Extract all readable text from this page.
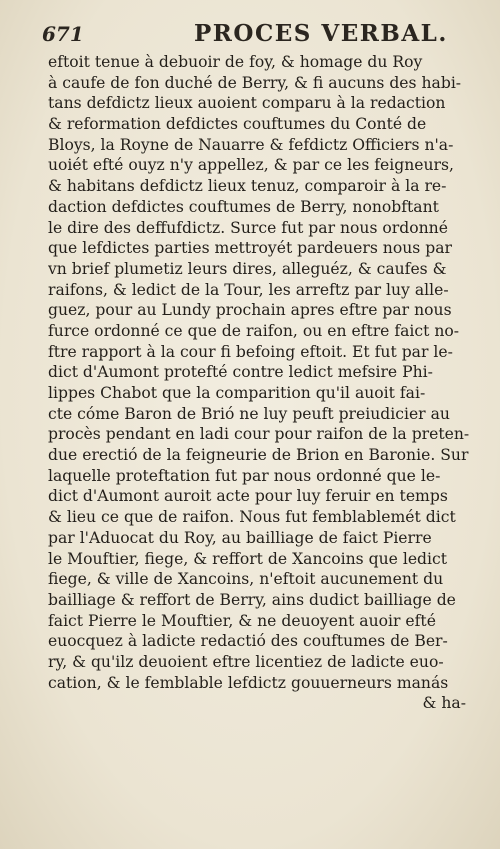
671	PROCES VERBAL.
eftoit tenue à debuoir de foy, & homage du Roy
à caufe de fon duché de Berry, & fi aucuns des habi-
tans defdictz lieux auoient comparu à la redaction
& reformation defdictes couftumes du Conté de
Bloys, la Royne de Nauarre & fefdictz Officiers n'a-
uoiét efté ouyz n'y appellez, & par ce les feigneurs,
& habitans defdictz lieux tenuz, comparoir à la re-
daction defdictes couftumes de Berry, nonobftant
le dire des deffufdictz. Surce fut par nous ordonné
que lefdictes parties mettroyét pardeuers nous par
vn brief plumetiz leurs dires, alleguéz, & caufes &
raifons, & ledict de la Tour, les arreftz par luy alle-
guez, pour au Lundy prochain apres eftre par nous
furce ordonné ce que de raifon, ou en eftre faict no-
ftre rapport à la cour fi befoing eftoit. Et fut par le-
dict d'Aumont protefté contre ledict mefsire Phi-
lippes Chabot que la comparition qu'il auoit fai-
cte cóme Baron de Brió ne luy peuft preiudicier au
procès pendant en ladi cour pour raifon de la preten-
due erectió de la feigneurie de Brion en Baronie. Sur
laquelle proteftation fut par nous ordonné que le-
dict d'Aumont auroit acte pour luy feruir en temps
& lieu ce que de raifon. Nous fut femblablemét dict
par l'Aduocat du Roy, au bailliage de faict Pierre
le Mouftier, fiege, & reffort de Xancoins que ledict
fiege, & ville de Xancoins, n'eftoit aucunement du
bailliage & reffort de Berry, ains dudict bailliage de
faict Pierre le Mouftier, & ne deuoyent auoir efté
euocquez à ladicte redactió des couftumes de Ber-
ry, & qu'ilz deuoient eftre licentiez de ladicte euo-
cation, & le femblable lefdictz gouuerneurs manás
& ha-
